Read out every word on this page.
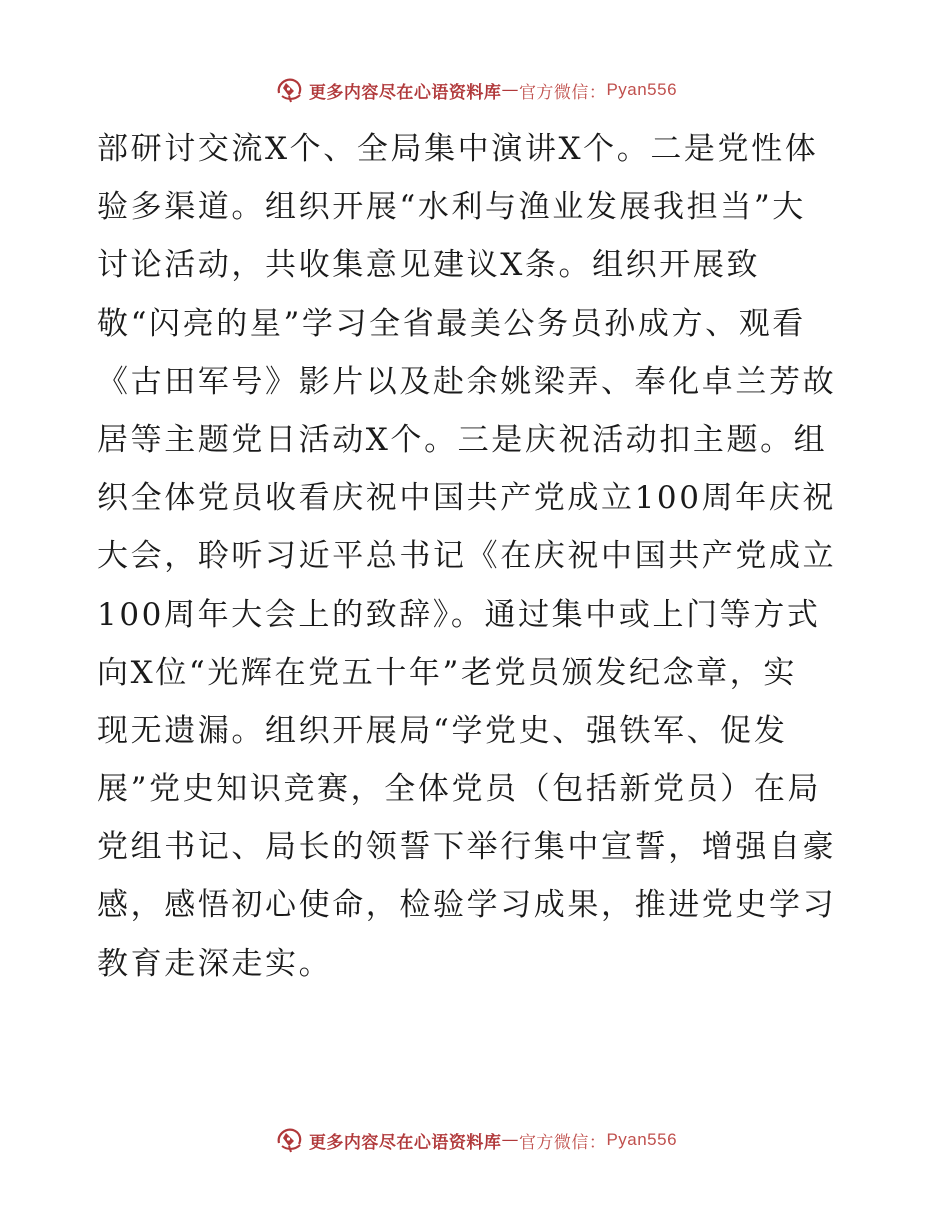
更多内容尽在心语资料库 — 官方微信： Pyan556
部研讨交流X个、全局集中演讲X个。二是党性体
验多渠道。组织开展“水利与渔业发展我担当”大
讨论活动，共收集意见建议X条。组织开展致
敬“闪亮的星”学习全省最美公务员孙成方、观看
《古田军号》影片以及赴余姚梁弄、奉化卓兰芳故
居等主题党日活动X个。三是庆祝活动扣主题。组
织全体党员收看庆祝中国共产党成立100周年庆祝
大会，聆听习近平总书记《在庆祝中国共产党成立
100周年大会上的致辞》。通过集中或上门等方式
向X位“光辉在党五十年”老党员颁发纪念章，实
现无遗漏。组织开展局“学党史、强铁军、促发
展”党史知识竞赛，全体党员（包括新党员）在局
党组书记、局长的领誓下举行集中宣誓，增强自豪
感，感悟初心使命，检验学习成果，推进党史学习
教育走深走实。
更多内容尽在心语资料库 — 官方微信： Pyan556
